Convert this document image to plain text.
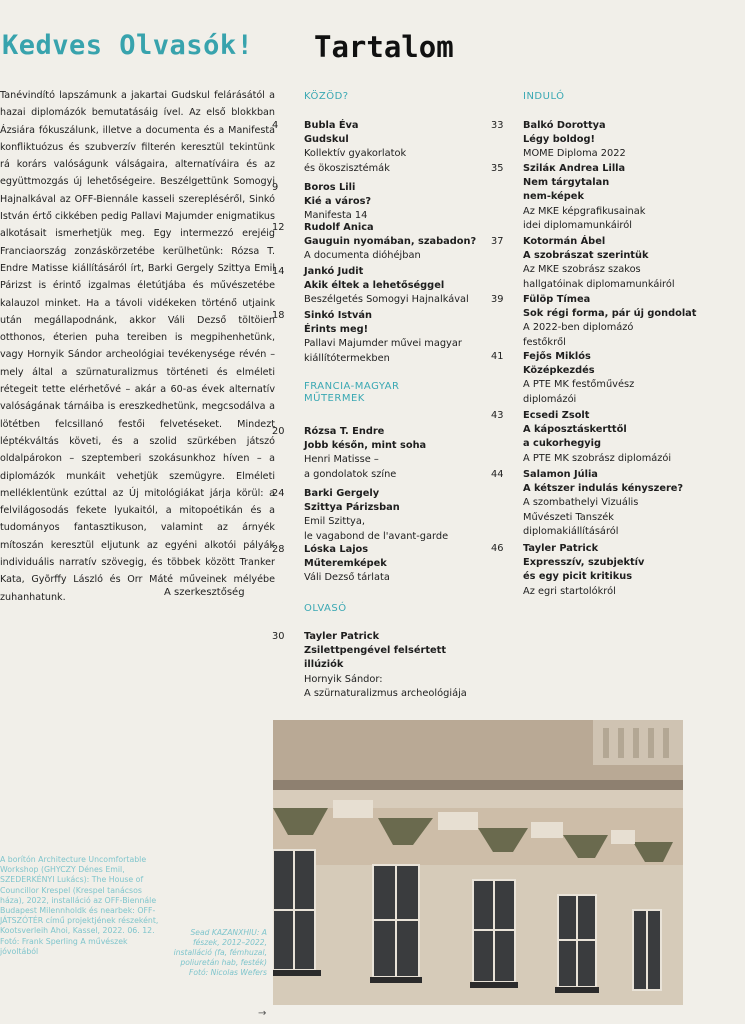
Kedves Olvasók! Tartalom

Tanévindító lapszámunk a jakartai Gudskul felárásától a hazai diplomázók bemutatásáig ível. Az első blokkban Ázsiára fókuszálunk, illetve a documenta és a Manifesta konfliktuózus és szubverzív filterén keresztül tekintünk rá korárs valóságunk válságaira, alternatíváira és az együttmozgás új lehetőségeire. Beszélgettünk Somogyi Hajnalkával az OFF-Biennále kasseli szerepléséről, Sinkó István értő cikkében pedig Pallavi Majumder enigmatikus alkotásait ismerhetjük meg. Egy intermezzó erejéig Franciaország zonzáskörzetébe kerülhetünk: Rózsa T. Endre Matisse kiállításáról írt, Barki Gergely Szittya Emil Párizst is érintő izgalmas életútjába és művészetébe kalauzol minket. Ha a távoli vidékeken történő utjaink után megállapodnánk, akkor Váli Dezső töltöien otthonos, éterien puha tereiben is megpihenhetünk, vagy Hornyik Sándor archeológiai tevékenysége révén – mely által a szürnaturalizmus történeti és elméleti rétegeit tette elérhetővé – akár a 60-as évek alternatív valóságának tárnáiba is ereszkedhetünk, megcsodálva a lötétben felcsillanó festői felvetéseket. Mindezt léptékváltás követi, és a szolid szürkében játszó oldalpárokon – szeptemberi szokásunkhoz híven – a diplomázók munkáit vehetjük szemügyre. Elméleti melléklentünk ezúttal az Új mitológiákat járja körül: a felvilágosodás fekete lyukaitól, a mitopoétikán és a tudományos fantasztikuson, valamint az árnyék mítoszán keresztül eljutunk az egyéni alkotói pályák individuális narratív szövegig, és többek között Tranker Kata, Gyõrffy László és Orr Máté műveinek mélyébe zuhanhatunk.	A szerkesztőség
KÖZÖD?
FRANCIA-MAGYAR MŰTERMEK
OLVASÓ
INDULÓ
4	Bubla Éva
Gudskul
Kollektív gyakorlatok
és ökoszisztémák
9	Boros Lili
Kié a város?
Manifesta 14
12	Rudolf Anica
Gauguin nyomában, szabadon?
A documenta dióhéjban
14	Jankó Judit
Akik éltek a lehetőséggel
Beszélgetés Somogyi Hajnalkával
18	Sinkó István
Érints meg!
Pallavi Majumder művei magyar
kiállítótermekben
20	Rózsa T. Endre
Jobb későn, mint soha
Henri Matisse –
a gondolatok színe
24	Barki Gergely
Szittya Párizsban
Emil Szittya,
le vagabond de l'avant-garde
28	Lóska Lajos
Műteremképek
Váli Dezső tárlata
30	Tayler Patrick
Zsilettpengével felsértett illúziók
Hornyik Sándor:
A szürnaturalizmus archeológiája
33	Balkó Dorottya
Légy boldog!
MOME Diploma 2022
35	Sziláк Andrea Lilla
Nem tárgytalan
nem-képek
Az MKE képgrafikusainak
idei diplomamunkáiról
37	Kotormán Ábel
A szobrászat szerintük
Az MKE szobrász szakos
hallgatóinak diplomamunkáiról
39	Fülöp Tímea
Sok régi forma, pár új gondolat
A 2022-ben diplomázó
festőkről
41	Fejős Miklós
Középkezdés
A PTE MK festőművész
diplomázói
43	Ecsedi Zsolt
A káposztáskerttől
a cukorhegyig
A PTE MK szobrász diplomázói
44	Salamon Júlia
A kétszer indulás kényszere?
A szombathelyi Vizuális
Művészeti Tanszék
diplomakiállításáról
46	Tayler Patrick
Expresszív, szubjektív
és egy picit kritikus
Az egri startolókról
Sead KAZANXHIU: A fészek, 2012–2022, installáció (fa, fémhuzal, poliuretán hab, festék) Fotó: Nicolas Wefers
A borítón Architecture Uncomfortable Workshop (GHYCZY Dénes Emil, SZEDERKÉNYI Lukács): The House of Councillor Krespel (Krespel tanácsos háza), 2022, installáció az OFF-Biennále Budapest Milennholdk és nearbek: OFF-JÁTSZÓTÉR című projektjének részeként, Kootsverleih Ahoi, Kassel, 2022. 06. 12. Fotó: Frank Sperling A művészek jóvoltából
→
